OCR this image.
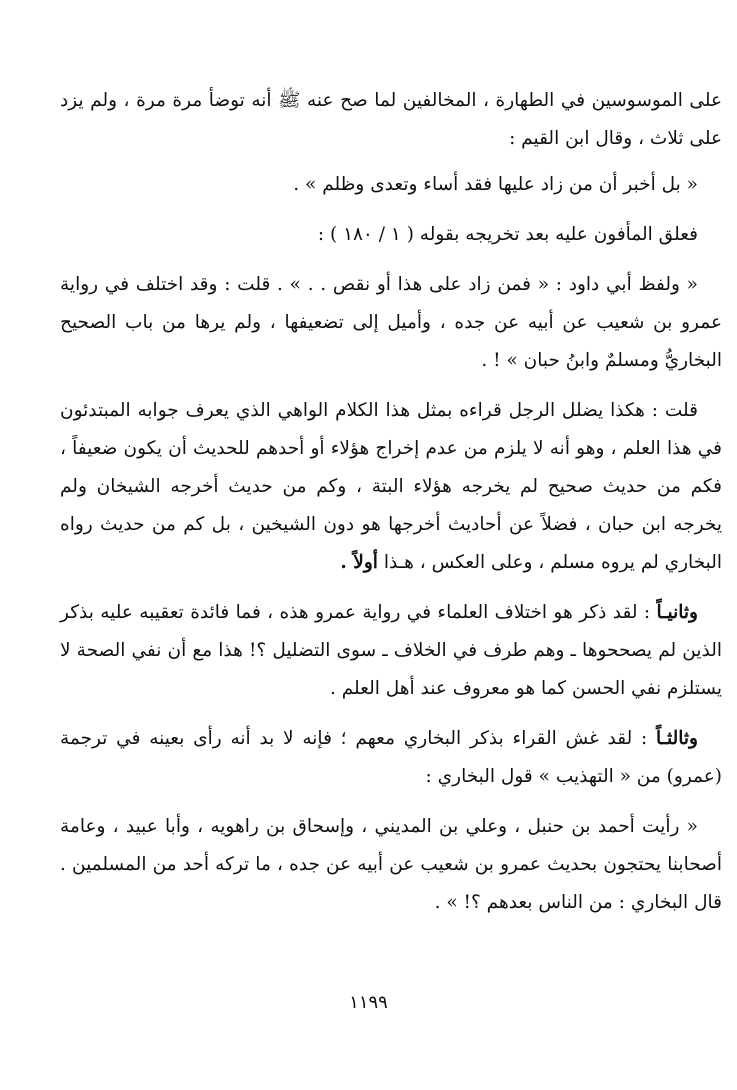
على الموسوسين في الطهارة ، المخالفين لما صح عنه ﷺ أنه توضأ مرة مرة ، ولم يزد على ثلاث ، وقال ابن القيم :

« بل أخبر أن من زاد عليها فقد أساء وتعدى وظلم » .

فعلق المأفون عليه بعد تخريجه بقوله ( ١ / ١٨٠ ) :

« ولفظ أبي داود : « فمن زاد على هذا أو نقص . . » . قلت : وقد اختلف في رواية عمرو بن شعيب عن أبيه عن جده ، وأميل إلى تضعيفها ، ولم يرها من باب الصحيح البخاريُّ ومسلمٌ وابنُ حبان » ! .

قلت : هكذا يضلل الرجل قراءه بمثل هذا الكلام الواهي الذي يعرف جوابه المبتدئون في هذا العلم ، وهو أنه لا يلزم من عدم إخراج هؤلاء أو أحدهم للحديث أن يكون ضعيفاً ، فكم من حديث صحيح لم يخرجه هؤلاء البتة ، وكم من حديث أخرجه الشيخان ولم يخرجه ابن حبان ، فضلاً عن أحاديث أخرجها هو دون الشيخين ، بل كم من حديث رواه البخاري لم يروه مسلم ، وعلى العكس ، هـذا أولاً .

وثانيـاً : لقد ذكر هو اختلاف العلماء في رواية عمرو هذه ، فما فائدة تعقيبه عليه بذكر الذين لم يصححوها ـ وهم طرف في الخلاف ـ سوى التضليل ؟! هذا مع أن نفي الصحة لا يستلزم نفي الحسن كما هو معروف عند أهل العلم .

وثالثـاً : لقد غش القراء بذكر البخاري معهم ؛ فإنه لا بد أنه رأى بعينه في ترجمة (عمرو) من « التهذيب » قول البخاري :

« رأيت أحمد بن حنبل ، وعلي بن المديني ، وإسحاق بن راهويه ، وأبا عبيد ، وعامة أصحابنا يحتجون بحديث عمرو بن شعيب عن أبيه عن جده ، ما تركه أحد من المسلمين . قال البخاري : من الناس بعدهم ؟! » .

١١٩٩
